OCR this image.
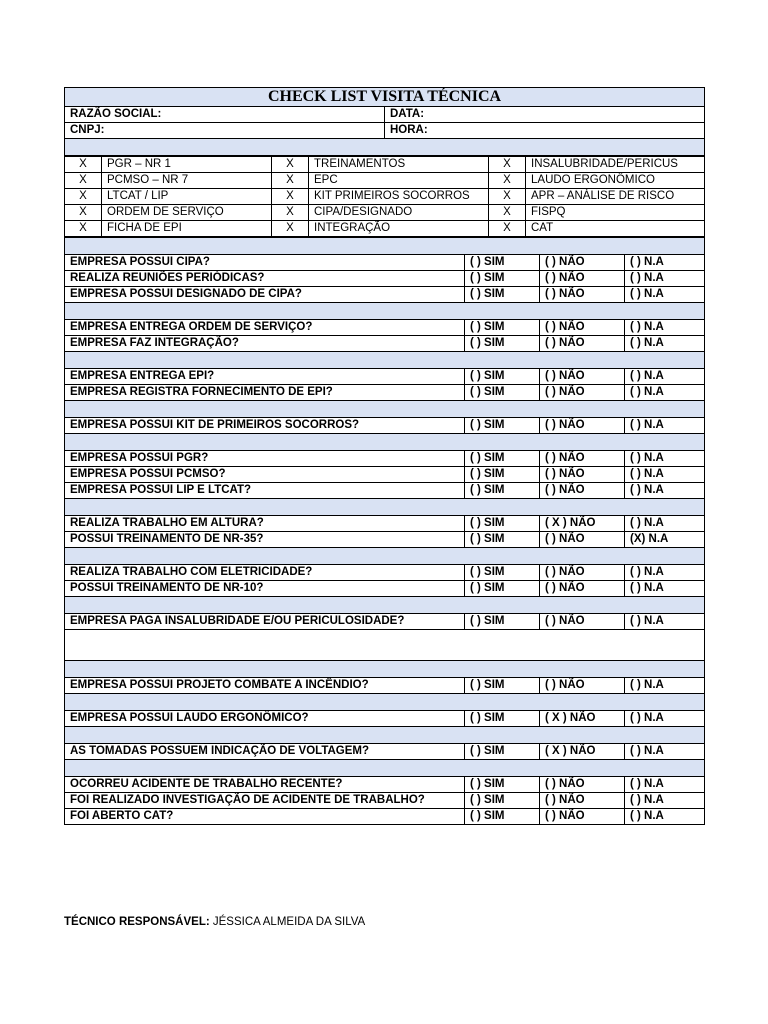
CHECK LIST VISITA TÉCNICA	
RAZÃO SOCIAL:	DATA:
CNPJ:	HORA:

X	PGR – NR 1	X	TREINAMENTOS	X	INSALUBRIDADE/PERICUS
X	PCMSO – NR 7	X	EPC	X	LAUDO ERGONÔMICO
X	LTCAT / LIP	X	KIT PRIMEIROS SOCORROS	X	APR – ANÁLISE DE RISCO
X	ORDEM DE SERVIÇO	X	CIPA/DESIGNADO	X	FISPQ
X	FICHA DE EPI	X	INTEGRAÇÃO	X	CAT

EMPRESA POSSUI CIPA?	( ) SIM	( ) NÃO	( ) N.A
REALIZA REUNIÕES PERIÓDICAS?	( ) SIM	( ) NÃO	( ) N.A
EMPRESA POSSUI DESIGNADO DE CIPA?	( ) SIM	( ) NÃO	( ) N.A

EMPRESA ENTREGA ORDEM DE SERVIÇO?	( ) SIM	( ) NÃO	( ) N.A
EMPRESA FAZ INTEGRAÇÃO?	( ) SIM	( ) NÃO	( ) N.A

EMPRESA ENTREGA EPI?	( ) SIM	( ) NÃO	( ) N.A
EMPRESA REGISTRA FORNECIMENTO DE EPI?	( ) SIM	( ) NÃO	( ) N.A

EMPRESA POSSUI KIT DE PRIMEIROS SOCORROS?	( ) SIM	( ) NÃO	( ) N.A

EMPRESA POSSUI PGR?	( ) SIM	( ) NÃO	( ) N.A
EMPRESA POSSUI PCMSO?	( ) SIM	( ) NÃO	( ) N.A
EMPRESA POSSUI LIP E LTCAT?	( ) SIM	( ) NÃO	( ) N.A

REALIZA TRABALHO EM ALTURA?	( ) SIM	( X ) NÃO	( ) N.A
POSSUI TREINAMENTO DE NR-35?	( ) SIM	( ) NÃO	(X) N.A

REALIZA TRABALHO COM ELETRICIDADE?	( ) SIM	( ) NÃO	( ) N.A
POSSUI TREINAMENTO DE NR-10?	( ) SIM	( ) NÃO	( ) N.A

EMPRESA PAGA INSALUBRIDADE E/OU PERICULOSIDADE?	( ) SIM	( ) NÃO	( ) N.A

EMPRESA POSSUI PROJETO COMBATE A INCÊNDIO?	( ) SIM	( ) NÃO	( ) N.A

EMPRESA POSSUI LAUDO ERGONÔMICO?	( ) SIM	( X ) NÃO	( ) N.A

AS TOMADAS POSSUEM INDICAÇÃO DE VOLTAGEM?	( ) SIM	( X ) NÃO	( ) N.A

OCORREU ACIDENTE DE TRABALHO RECENTE?	( ) SIM	( ) NÃO	( ) N.A
FOI REALIZADO INVESTIGAÇÃO DE ACIDENTE DE TRABALHO?	( ) SIM	( ) NÃO	( ) N.A
FOI ABERTO CAT?	( ) SIM	( ) NÃO	( ) N.A
TÉCNICO RESPONSÁVEL: JÉSSICA ALMEIDA DA SILVA
